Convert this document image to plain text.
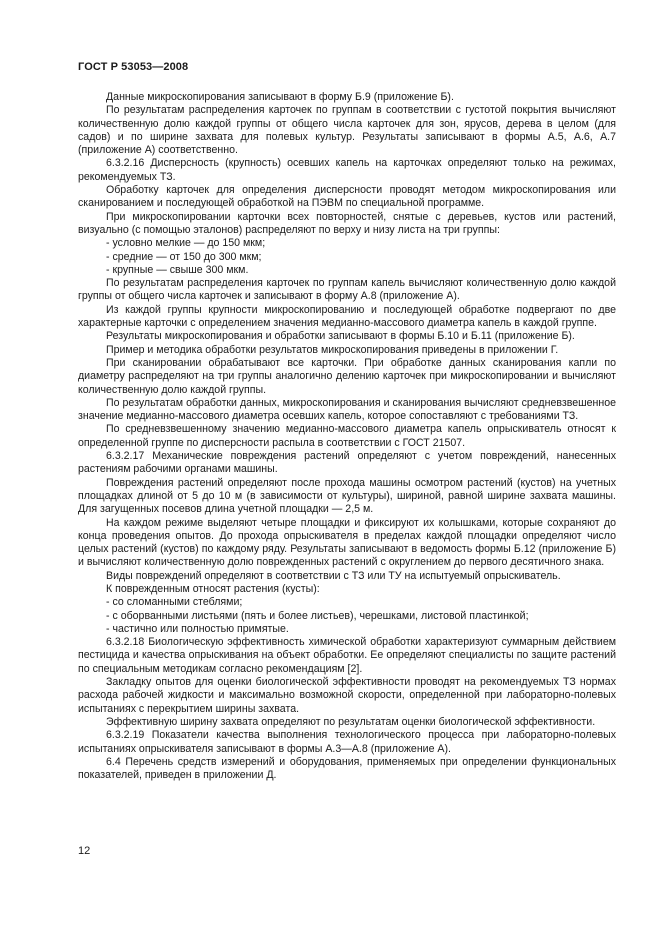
ГОСТ Р 53053—2008

Данные микроскопирования записывают в форму Б.9 (приложение Б).

По результатам распределения карточек по группам в соответствии с густотой покрытия вычисляют количественную долю каждой группы от общего числа карточек для зон, ярусов, дерева в целом (для садов) и по ширине захвата для полевых культур. Результаты записывают в формы А.5, А.6, А.7 (приложение А) соответственно.

6.3.2.16 Дисперсность (крупность) осевших капель на карточках определяют только на режимах, рекомендуемых ТЗ.

Обработку карточек для определения дисперсности проводят методом микроскопирования или сканированием и последующей обработкой на ПЭВМ по специальной программе.

При микроскопировании карточки всех повторностей, снятые с деревьев, кустов или растений, визуально (с помощью эталонов) распределяют по верху и низу листа на три группы:

- условно мелкие — до 150 мкм;

- средние — от 150 до 300 мкм;

- крупные — свыше 300 мкм.

По результатам распределения карточек по группам капель вычисляют количественную долю каждой группы от общего числа карточек и записывают в форму А.8 (приложение А).

Из каждой группы крупности микроскопированию и последующей обработке подвергают по две характерные карточки с определением значения медианно-массового диаметра капель в каждой группе.

Результаты микроскопирования и обработки записывают в формы Б.10 и Б.11 (приложение Б).

Пример и методика обработки результатов микроскопирования приведены в приложении Г.

При сканировании обрабатывают все карточки. При обработке данных сканирования капли по диаметру распределяют на три группы аналогично делению карточек при микроскопировании и вычисляют количественную долю каждой группы.

По результатам обработки данных, микроскопирования и сканирования вычисляют средневзвешенное значение медианно-массового диаметра осевших капель, которое сопоставляют с требованиями ТЗ.

По средневзвешенному значению медианно-массового диаметра капель опрыскиватель относят к определенной группе по дисперсности распыла в соответствии с ГОСТ 21507.

6.3.2.17 Механические повреждения растений определяют с учетом повреждений, нанесенных растениям рабочими органами машины.

Повреждения растений определяют после прохода машины осмотром растений (кустов) на учетных площадках длиной от 5 до 10 м (в зависимости от культуры), шириной, равной ширине захвата машины. Для загущенных посевов длина учетной площадки — 2,5 м.

На каждом режиме выделяют четыре площадки и фиксируют их колышками, которые сохраняют до конца проведения опытов. До прохода опрыскивателя в пределах каждой площадки определяют число целых растений (кустов) по каждому ряду. Результаты записывают в ведомость формы Б.12 (приложение Б) и вычисляют количественную долю поврежденных растений с округлением до первого десятичного знака.

Виды повреждений определяют в соответствии с ТЗ или ТУ на испытуемый опрыскиватель.

К поврежденным относят растения (кусты):

- со сломанными стеблями;

- с оборванными листьями (пять и более листьев), черешками, листовой пластинкой;

- частично или полностью примятые.

6.3.2.18 Биологическую эффективность химической обработки характеризуют суммарным действием пестицида и качества опрыскивания на объект обработки. Ее определяют специалисты по защите растений по специальным методикам согласно рекомендациям [2].

Закладку опытов для оценки биологической эффективности проводят на рекомендуемых ТЗ нормах расхода рабочей жидкости и максимально возможной скорости, определенной при лабораторно-полевых испытаниях с перекрытием ширины захвата.

Эффективную ширину захвата определяют по результатам оценки биологической эффективности.

6.3.2.19 Показатели качества выполнения технологического процесса при лабораторно-полевых испытаниях опрыскивателя записывают в формы А.3—А.8 (приложение А).

6.4 Перечень средств измерений и оборудования, применяемых при определении функциональных показателей, приведен в приложении Д.

12
